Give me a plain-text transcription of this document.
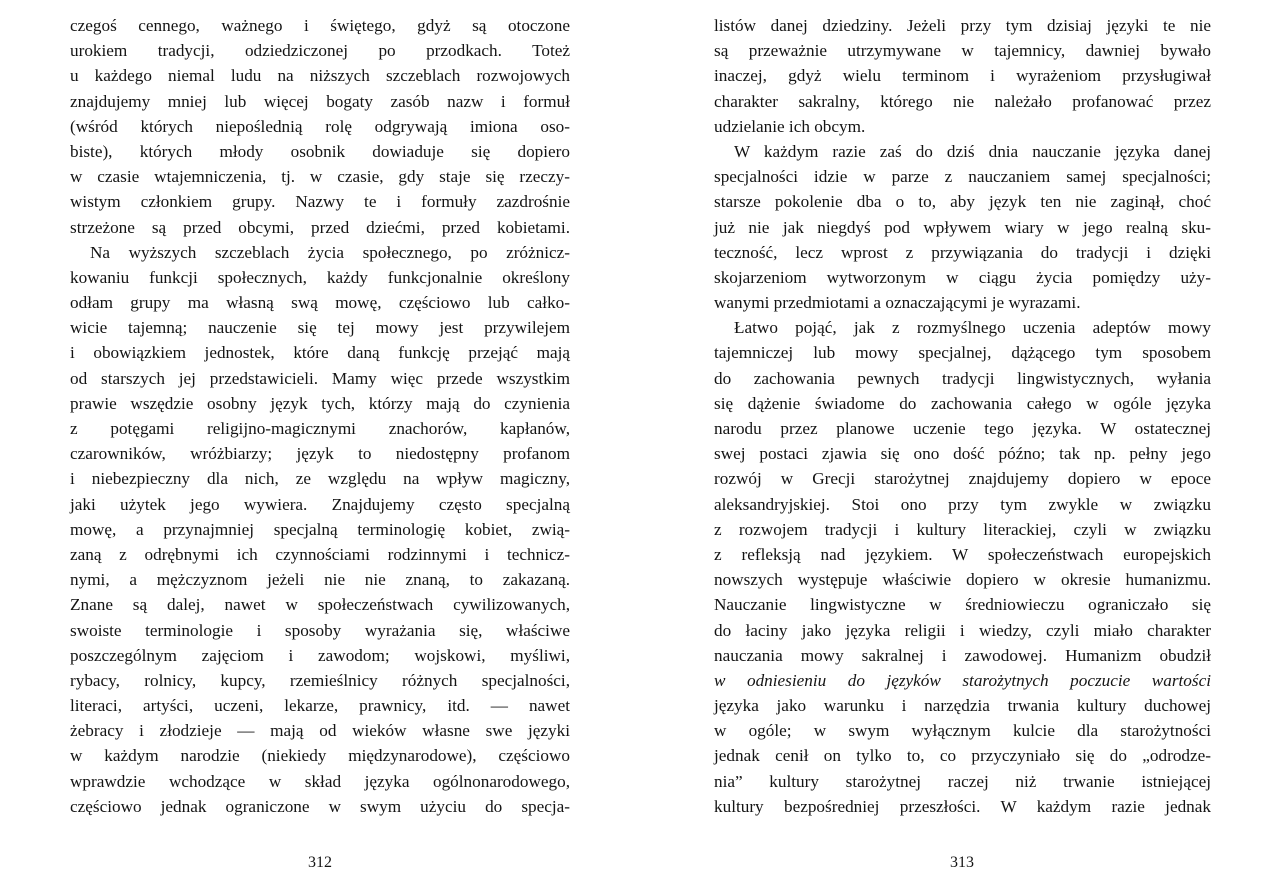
czegoś cennego, ważnego i świętego, gdyż są otoczone
urokiem tradycji, odziedziczonej po przodkach. Toteż
u każdego niemal ludu na niższych szczeblach rozwojowych
znajdujemy mniej lub więcej bogaty zasób nazw i formuł
(wśród których niepoślednią rolę odgrywają imiona oso-
biste), których młody osobnik dowiaduje się dopiero
w czasie wtajemniczenia, tj. w czasie, gdy staje się rzeczy-
wistym członkiem grupy. Nazwy te i formuły zazdrośnie
strzeżone są przed obcymi, przed dziećmi, przed kobietami.
Na wyższych szczeblach życia społecznego, po zróżnicz-
kowaniu funkcji społecznych, każdy funkcjonalnie określony
odłam grupy ma własną swą mowę, częściowo lub całko-
wicie tajemną; nauczenie się tej mowy jest przywilejem
i obowiązkiem jednostek, które daną funkcję przejąć mają
od starszych jej przedstawicieli. Mamy więc przede wszystkim
prawie wszędzie osobny język tych, którzy mają do czynienia
z potęgami religijno-magicznymi znachorów, kapłanów,
czarowników, wróżbiarzy; język to niedostępny profanom
i niebezpieczny dla nich, ze względu na wpływ magiczny,
jaki użytek jego wywiera. Znajdujemy często specjalną
mowę, a przynajmniej specjalną terminologię kobiet, zwią-
zaną z odrębnymi ich czynnościami rodzinnymi i technicz-
nymi, a mężczyznom jeżeli nie nie znaną, to zakazaną.
Znane są dalej, nawet w społeczeństwach cywilizowanych,
swoiste terminologie i sposoby wyrażania się, właściwe
poszczególnym zajęciom i zawodom; wojskowi, myśliwi,
rybacy, rolnicy, kupcy, rzemieślnicy różnych specjalności,
literaci, artyści, uczeni, lekarze, prawnicy, itd. — nawet
żebracy i złodzieje — mają od wieków własne swe języki
w każdym narodzie (niekiedy międzynarodowe), częściowo
wprawdzie wchodzące w skład języka ogólnonarodowego,
częściowo jednak ograniczone w swym użyciu do specja-
312
listów danej dziedziny. Jeżeli przy tym dzisiaj języki te nie
są przeważnie utrzymywane w tajemnicy, dawniej bywało
inaczej, gdyż wielu terminom i wyrażeniom przysługiwał
charakter sakralny, którego nie należało profanować przez
udzielanie ich obcym.
W każdym razie zaś do dziś dnia nauczanie języka danej
specjalności idzie w parze z nauczaniem samej specjalności;
starsze pokolenie dba o to, aby język ten nie zaginął, choć
już nie jak niegdyś pod wpływem wiary w jego realną sku-
teczność, lecz wprost z przywiązania do tradycji i dzięki
skojarzeniom wytworzonym w ciągu życia pomiędzy uży-
wanymi przedmiotami a oznaczającymi je wyrazami.
Łatwo pojąć, jak z rozmyślnego uczenia adeptów mowy
tajemniczej lub mowy specjalnej, dążącego tym sposobem
do zachowania pewnych tradycji lingwistycznych, wyłania
się dążenie świadome do zachowania całego w ogóle języka
narodu przez planowe uczenie tego języka. W ostatecznej
swej postaci zjawia się ono dość późno; tak np. pełny jego
rozwój w Grecji starożytnej znajdujemy dopiero w epoce
aleksandryjskiej. Stoi ono przy tym zwykle w związku
z rozwojem tradycji i kultury literackiej, czyli w związku
z refleksją nad językiem. W społeczeństwach europejskich
nowszych występuje właściwie dopiero w okresie humanizmu.
Nauczanie lingwistyczne w średniowieczu ograniczało się
do łaciny jako języka religii i wiedzy, czyli miało charakter
nauczania mowy sakralnej i zawodowej. Humanizm obudził
w odniesieniu do języków starożytnych poczucie wartości
języka jako warunku i narzędzia trwania kultury duchowej
w ogóle; w swym wyłącznym kulcie dla starożytności
jednak cenił on tylko to, co przyczyniało się do „odrodze-
nia” kultury starożytnej raczej niż trwanie istniejącej
kultury bezpośredniej przeszłości. W każdym razie jednak
313
